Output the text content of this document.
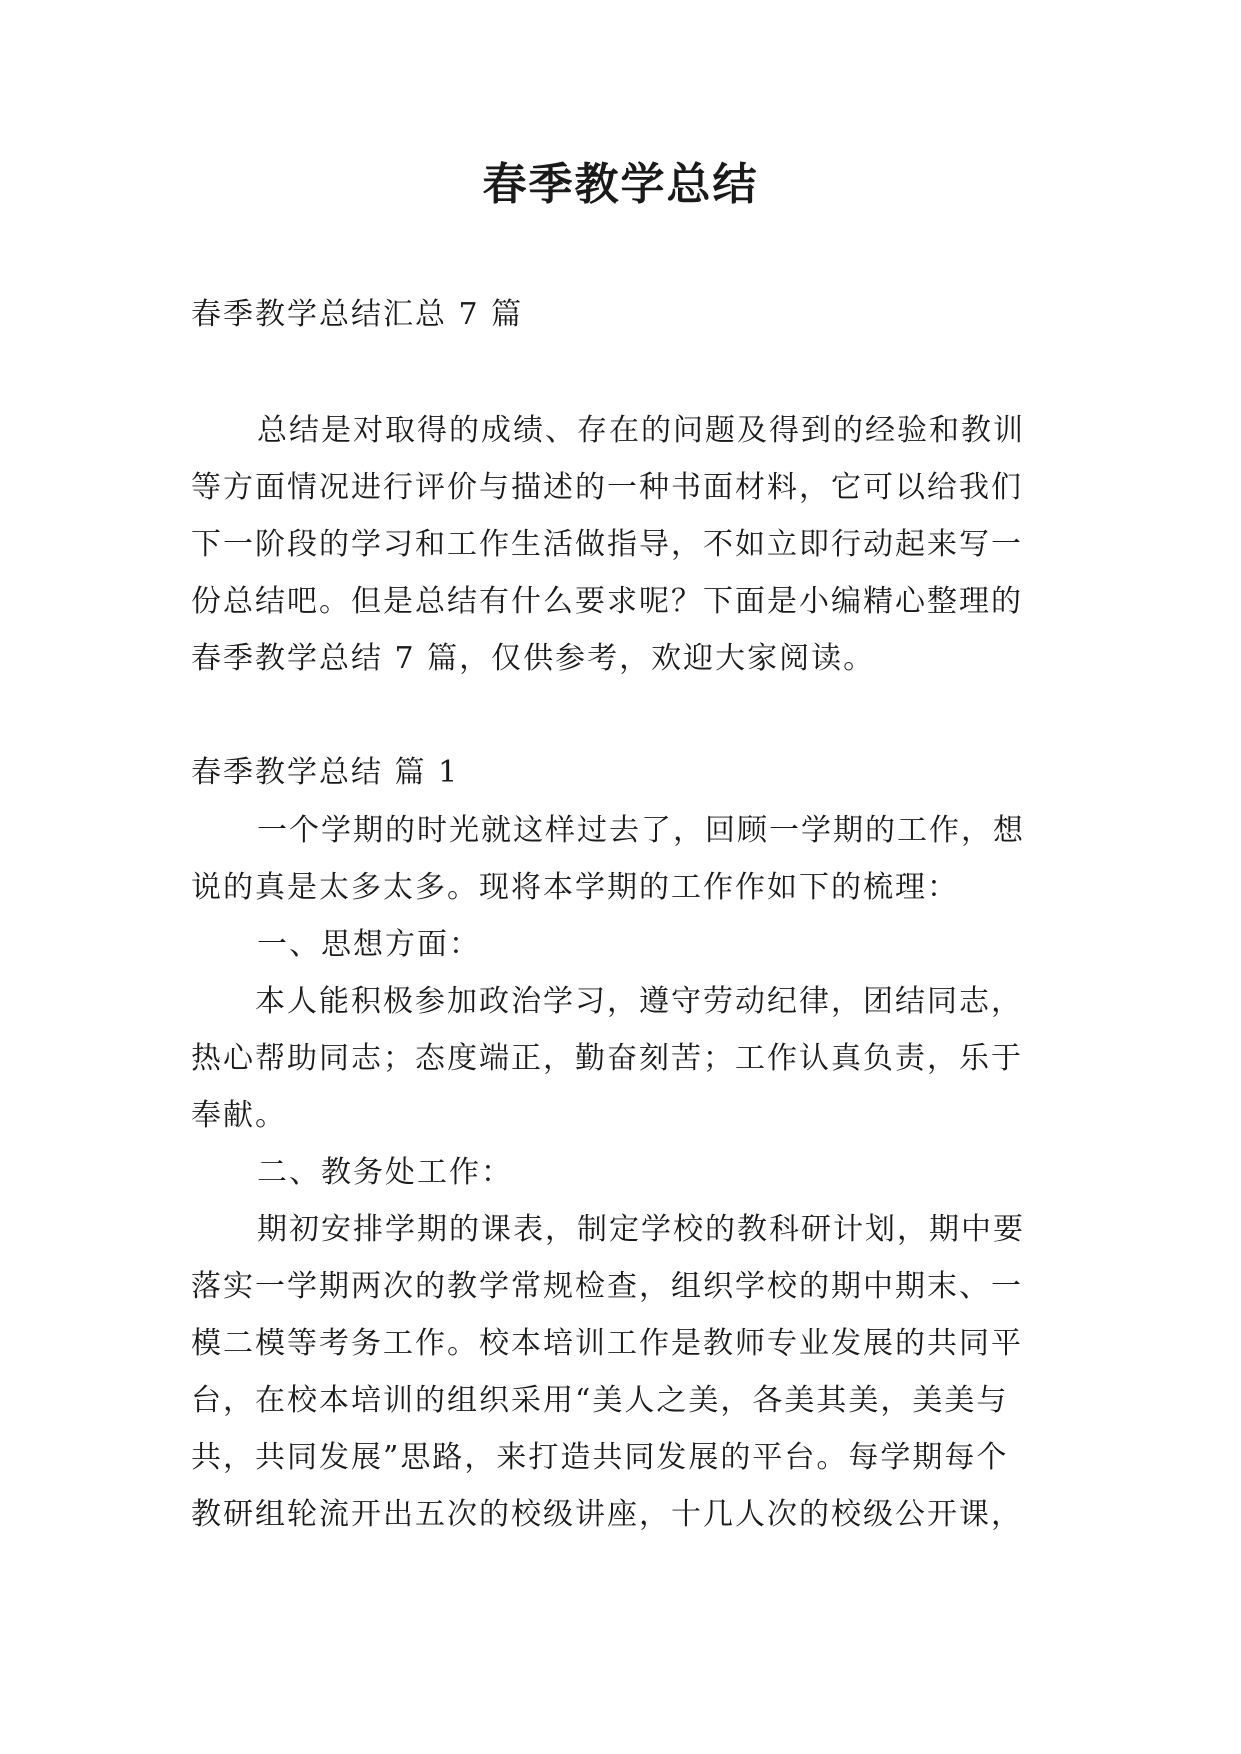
春季教学总结
春季教学总结汇总 7 篇
总结是对取得的成绩、存在的问题及得到的经验和教训
等方面情况进行评价与描述的一种书面材料，它可以给我们
下一阶段的学习和工作生活做指导，不如立即行动起来写一
份总结吧。但是总结有什么要求呢？下面是小编精心整理的
春季教学总结 7 篇，仅供参考，欢迎大家阅读。
春季教学总结 篇 1
一个学期的时光就这样过去了，回顾一学期的工作，想
说的真是太多太多。现将本学期的工作作如下的梳理：
一、思想方面：
本人能积极参加政治学习，遵守劳动纪律，团结同志，
热心帮助同志；态度端正，勤奋刻苦；工作认真负责，乐于
奉献。
二、教务处工作：
期初安排学期的课表，制定学校的教科研计划，期中要
落实一学期两次的教学常规检查，组织学校的期中期末、一
模二模等考务工作。校本培训工作是教师专业发展的共同平
台，在校本培训的组织采用“美人之美，各美其美，美美与
共，共同发展”思路，来打造共同发展的平台。每学期每个
教研组轮流开出五次的校级讲座，十几人次的校级公开课，
